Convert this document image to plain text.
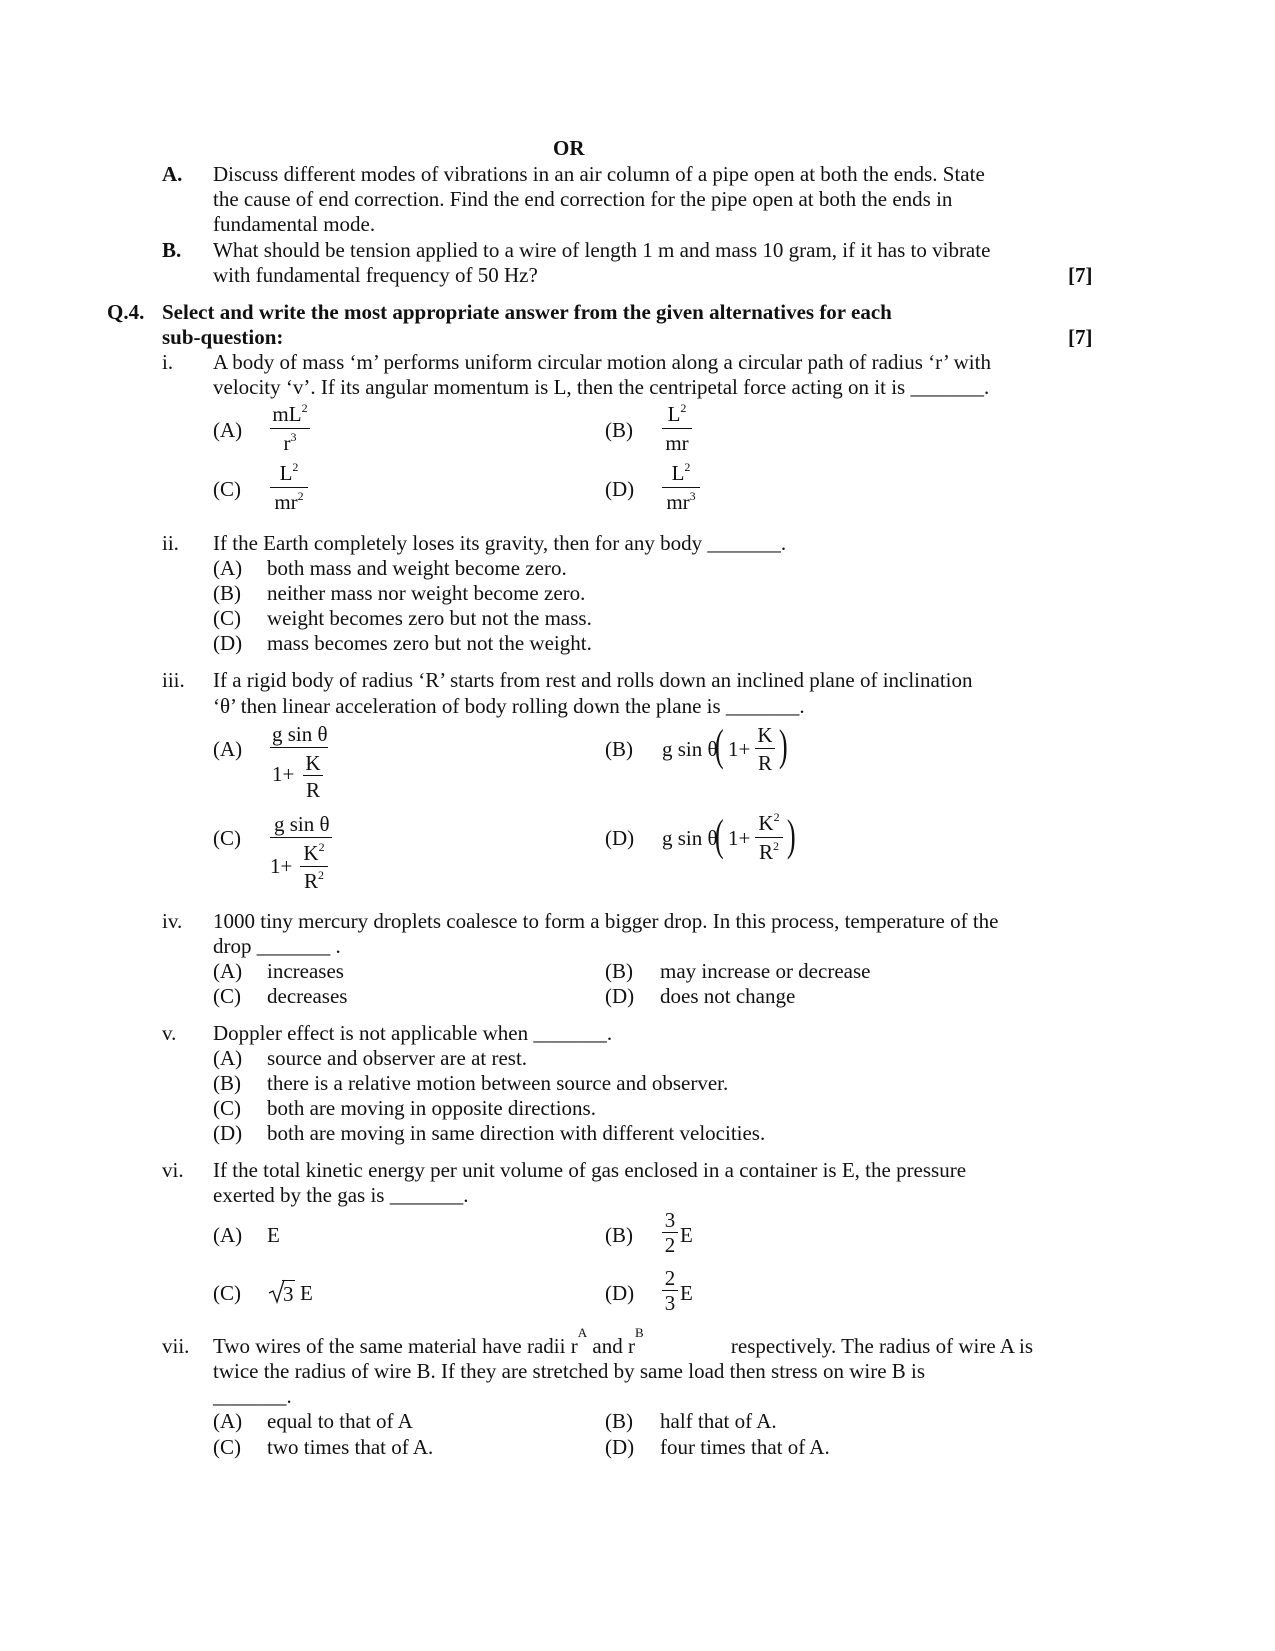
OR
A. Discuss different modes of vibrations in an air column of a pipe open at both the ends. State
the cause of end correction. Find the end correction for the pipe open at both the ends in
fundamental mode.
B. What should be tension applied to a wire of length 1 m and mass 10 gram, if it has to vibrate
with fundamental frequency of 50 Hz?	[7]
Q.4. Select and write the most appropriate answer from the given alternatives for each
sub-question:	[7]
i. A body of mass ‘m’ performs uniform circular motion along a circular path of radius ‘r’ with
velocity ‘v’. If its angular momentum is L, then the centripetal force acting on it is _______.
(A)
$mL^2$
$r^3$	(B)
$L^2$
mr
(C)
$L^2$
$mr^2$	(D)
$L^2$
$mr^3$
ii. If the Earth completely loses its gravity, then for any body _______.
(A) both mass and weight become zero.
(B) neither mass nor weight become zero.
(C) weight becomes zero but not the mass.
(D) mass becomes zero but not the weight.
iii. If a rigid body of radius ‘R’ starts from rest and rolls down an inclined plane of inclination
‘θ’ then linear acceleration of body rolling down the plane is _______.
(A)
g sin θ
1+ K
R
(B) g sin θ
( 1+
K
R )
(C)
g sin θ
1+
$K^2$
$R^2$
(D) g sin θ
( 1+
$K^2$
$R^2$ )
iv. 1000 tiny mercury droplets coalesce to form a bigger drop. In this process, temperature of the
drop _______ .
(A) increases	(B) may increase or decrease
(C) decreases	(D) does not change
v. Doppler effect is not applicable when _______.
(A) source and observer are at rest.
(B) there is a relative motion between source and observer.
(C) both are moving in opposite directions.
(D) both are moving in same direction with different velocities.
vi. If the total kinetic energy per unit volume of gas enclosed in a container is E, the pressure
exerted by the gas is _______.
(A) E	(B)
3
2 E
(C) 3 E	(D)
2
3 E
vii. Two wires of the same material have radii r
A
and r
B
respectively. The radius of wire A is
twice the radius of wire B. If they are stretched by same load then stress on wire B is
_______.
(A) equal to that of A	(B) half that of A.
(C) two times that of A.	(D) four times that of A.
